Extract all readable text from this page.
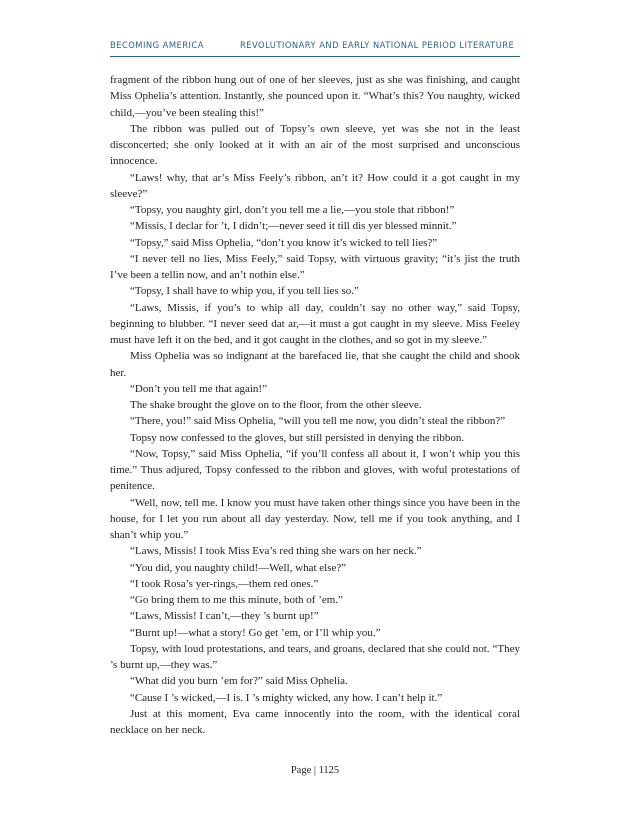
BECOMING AMERICA	REVOLUTIONARY AND EARLY NATIONAL PERIOD LITERATURE

fragment of the ribbon hung out of one of her sleeves, just as she was finishing, and caught Miss Ophelia’s attention. Instantly, she pounced upon it. “What’s this? You naughty, wicked child,—you’ve been stealing this!”

The ribbon was pulled out of Topsy’s own sleeve, yet was she not in the least disconcerted; she only looked at it with an air of the most surprised and unconscious innocence.

“Laws! why, that ar’s Miss Feely’s ribbon, an’t it? How could it a got caught in my sleeve?”

“Topsy, you naughty girl, don’t you tell me a lie,—you stole that ribbon!”

“Missis, I declar for ’t, I didn’t;—never seed it till dis yer blessed minnit.”

“Topsy,” said Miss Ophelia, “don’t you know it’s wicked to tell lies?”

“I never tell no lies, Miss Feely,” said Topsy, with virtuous gravity; “it’s jist the truth I’ve been a tellin now, and an’t nothin else.”

“Topsy, I shall have to whip you, if you tell lies so.”

“Laws, Missis, if you’s to whip all day, couldn’t say no other way,” said Topsy, beginning to blubber. “I never seed dat ar,—it must a got caught in my sleeve. Miss Feeley must have left it on the bed, and it got caught in the clothes, and so got in my sleeve.”

Miss Ophelia was so indignant at the barefaced lie, that she caught the child and shook her.

“Don’t you tell me that again!”

The shake brought the glove on to the floor, from the other sleeve.

“There, you!” said Miss Ophelia, “will you tell me now, you didn’t steal the ribbon?”

Topsy now confessed to the gloves, but still persisted in denying the ribbon.

“Now, Topsy,” said Miss Ophelia, “if you’ll confess all about it, I won’t whip you this time.” Thus adjured, Topsy confessed to the ribbon and gloves, with woful protestations of penitence.

“Well, now, tell me. I know you must have taken other things since you have been in the house, for I let you run about all day yesterday. Now, tell me if you took anything, and I shan’t whip you.”

“Laws, Missis! I took Miss Eva’s red thing she wars on her neck.”

“You did, you naughty child!—Well, what else?”

“I took Rosa’s yer-rings,—them red ones.”

“Go bring them to me this minute, both of ’em.”

“Laws, Missis! I can’t,—they ’s burnt up!”

“Burnt up!—what a story! Go get ’em, or I’ll whip you.”

Topsy, with loud protestations, and tears, and groans, declared that she could not. “They ’s burnt up,—they was.”

“What did you burn ’em for?” said Miss Ophelia.

“Cause I ’s wicked,—I is. I ’s mighty wicked, any how. I can’t help it.”

Just at this moment, Eva came innocently into the room, with the identical coral necklace on her neck.

Page | 1125
